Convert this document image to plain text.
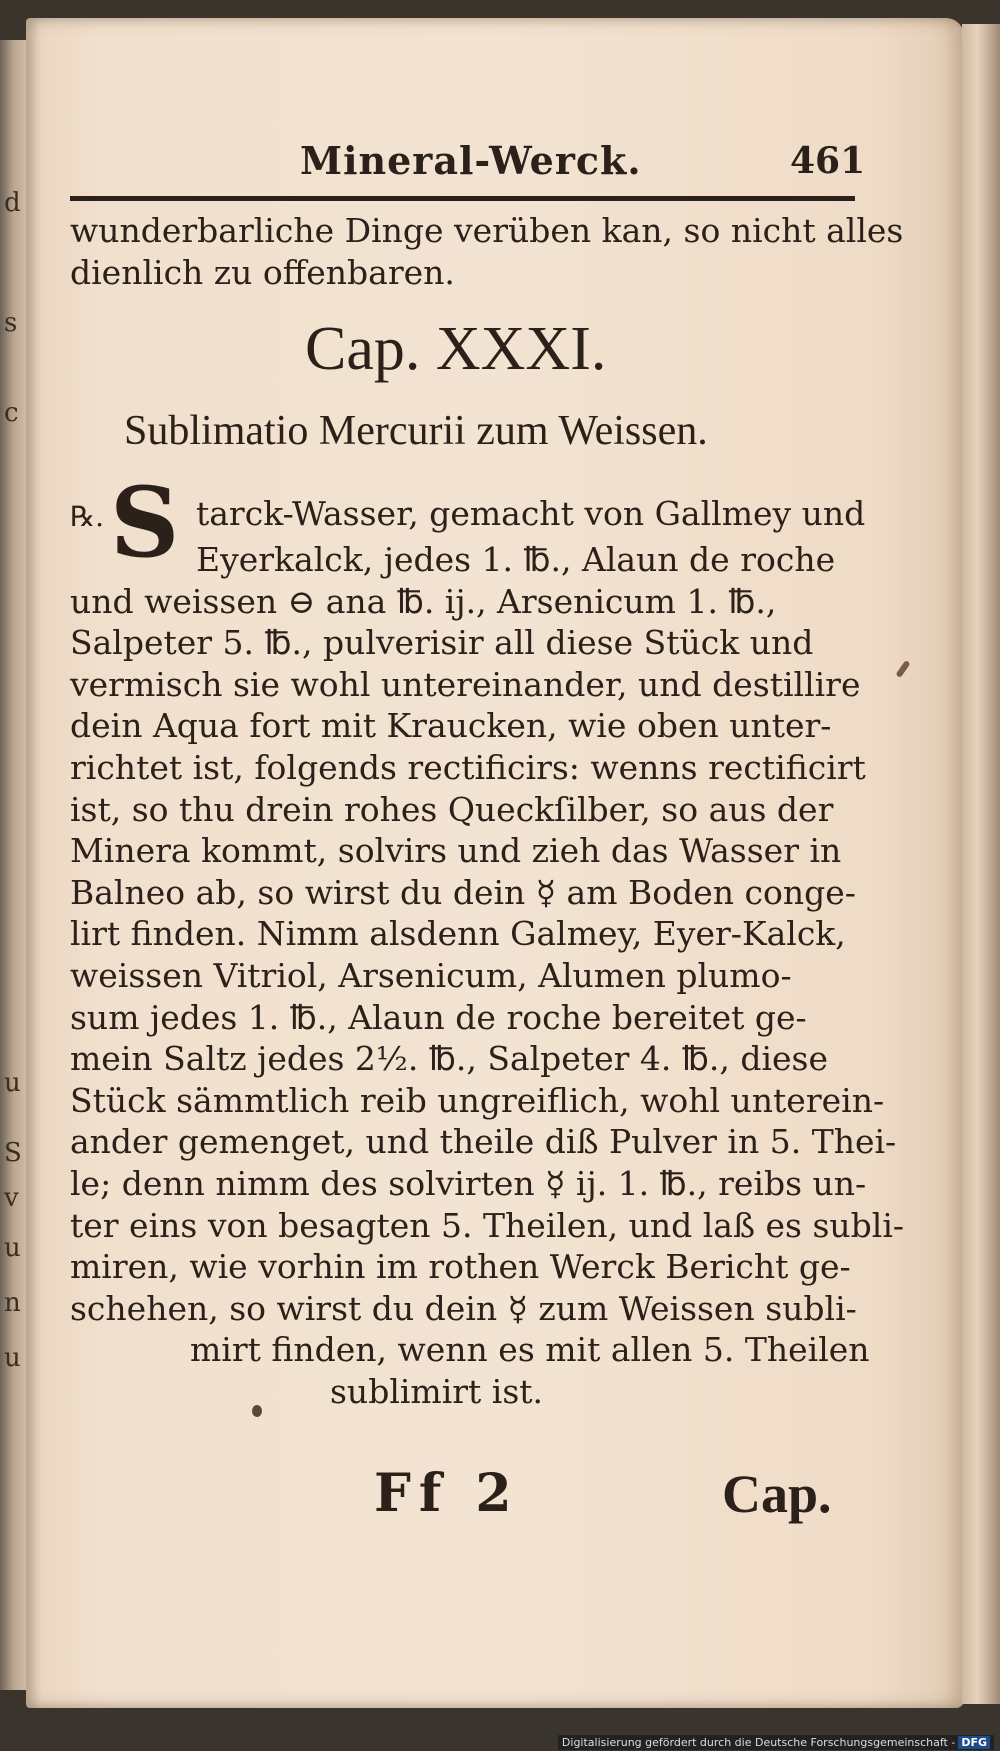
d
s
c
u
S
v
u
n
u
Mineral-Werck.	461
wunderbarliche Dinge verüben kan, so nicht alles
dienlich zu offenbaren.
Cap. XXXI.
Sublimatio Mercurii zum Weissen.
℞. S tarck-Wasser, gemacht von Gallmey und
Eyerkalck, jedes 1. ℔., Alaun de roche
und weissen ⊖ ana ℔. ij., Arsenicum 1. ℔.,
Salpeter 5. ℔., pulverisir all diese Stück und
vermisch sie wohl untereinander, und destillire
dein Aqua fort mit Kraucken, wie oben unter-
richtet ist, folgends rectificirs: wenns rectificirt
ist, so thu drein rohes Queckſilber, so aus der
Minera kommt, solvirs und zieh das Wasser in
Balneo ab, so wirst du dein ☿ am Boden conge-
lirt finden. Nimm alsdenn Galmey, Eyer-Kalck,
weissen Vitriol, Arsenicum, Alumen plumo-
sum jedes 1. ℔., Alaun de roche bereitet ge-
mein Saltz jedes 2½. ℔., Salpeter 4. ℔., diese
Stück sämmtlich reib ungreiflich, wohl unterein-
ander gemenget, und theile diß Pulver in 5. Thei-
le; denn nimm des solvirten ☿ ij. 1. ℔., reibs un-
ter eins von besagten 5. Theilen, und laß es subli-
miren, wie vorhin im rothen Werck Bericht ge-
schehen, so wirst du dein ☿ zum Weissen subli-
mirt finden, wenn es mit allen 5. Theilen
sublimirt ist.
Ff 2	Cap.
Digitalisierung gefördert durch die Deutsche Forschungsgemeinschaft - DFG
